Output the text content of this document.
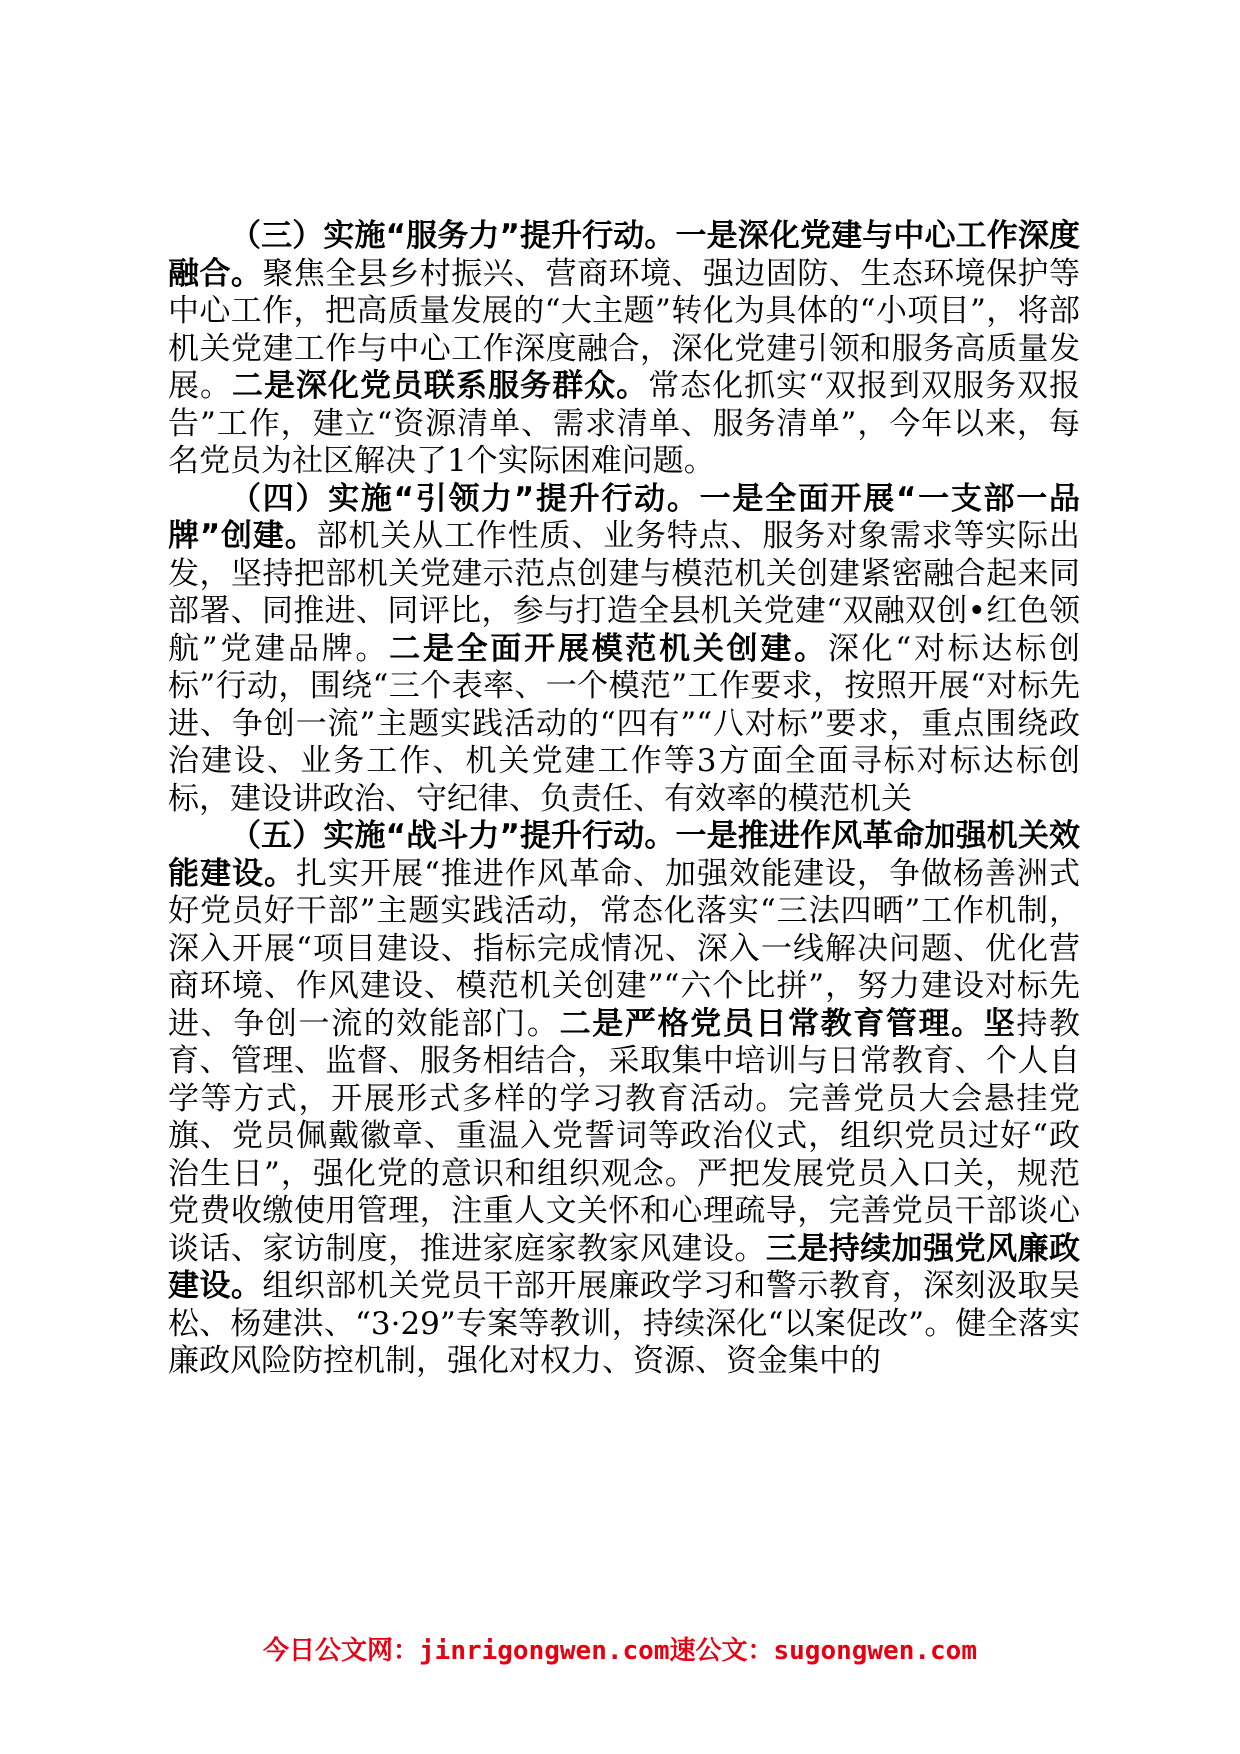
（三）实施“服务力”提升行动。一是深化党建与中心工作深度融合。聚焦全县乡村振兴、营商环境、强边固防、生态环境保护等中心工作，把高质量发展的“大主题”转化为具体的“小项目”，将部机关党建工作与中心工作深度融合，深化党建引领和服务高质量发展。二是深化党员联系服务群众。常态化抓实“双报到双服务双报告”工作，建立“资源清单、需求清单、服务清单”，今年以来，每名党员为社区解决了1个实际困难问题。

（四）实施“引领力”提升行动。一是全面开展“一支部一品牌”创建。部机关从工作性质、业务特点、服务对象需求等实际出发，坚持把部机关党建示范点创建与模范机关创建紧密融合起来同部署、同推进、同评比，参与打造全县机关党建“双融双创•红色领航”党建品牌。二是全面开展模范机关创建。深化“对标达标创标”行动，围绕“三个表率、一个模范”工作要求，按照开展“对标先进、争创一流”主题实践活动的“四有”“八对标”要求，重点围绕政治建设、业务工作、机关党建工作等3方面全面寻标对标达标创标，建设讲政治、守纪律、负责任、有效率的模范机关

（五）实施“战斗力”提升行动。一是推进作风革命加强机关效能建设。扎实开展“推进作风革命、加强效能建设，争做杨善洲式好党员好干部”主题实践活动，常态化落实“三法四晒”工作机制，深入开展“项目建设、指标完成情况、深入一线解决问题、优化营商环境、作风建设、模范机关创建”“六个比拼”，努力建设对标先进、争创一流的效能部门。二是严格党员日常教育管理。坚持教育、管理、监督、服务相结合，采取集中培训与日常教育、个人自学等方式，开展形式多样的学习教育活动。完善党员大会悬挂党旗、党员佩戴徽章、重温入党誓词等政治仪式，组织党员过好“政治生日”，强化党的意识和组织观念。严把发展党员入口关，规范党费收缴使用管理，注重人文关怀和心理疏导，完善党员干部谈心谈话、家访制度，推进家庭家教家风建设。三是持续加强党风廉政建设。组织部机关党员干部开展廉政学习和警示教育，深刻汲取吴松、杨建洪、“3·29”专案等教训，持续深化“以案促改”。健全落实廉政风险防控机制，强化对权力、资源、资金集中的

今日公文网：jinrigongwen.com速公文：sugongwen.com
